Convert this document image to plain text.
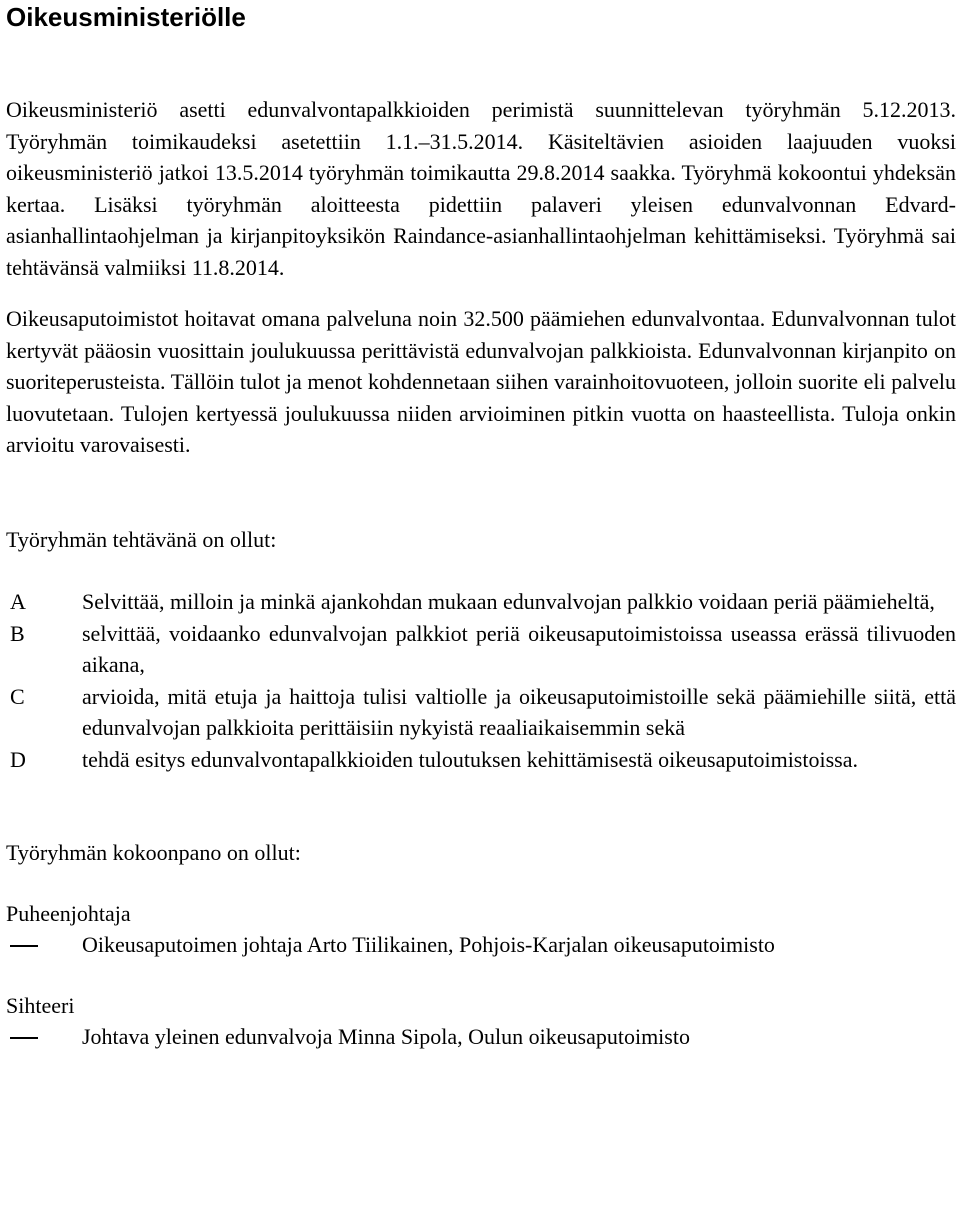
Oikeusministeriölle

Oikeusministeriö asetti edunvalvontapalkkioiden perimistä suunnittelevan työryhmän 5.12.2013. Työryhmän toimikaudeksi asetettiin 1.1.–31.5.2014. Käsiteltävien asioiden laajuuden vuoksi oikeusministeriö jatkoi 13.5.2014 työryhmän toimikautta 29.8.2014 saakka. Työryhmä kokoontui yhdeksän kertaa. Lisäksi työryhmän aloitteesta pidettiin palaveri yleisen edunvalvonnan Edvard-asianhallintaohjelman ja kirjanpitoyksikön Raindance-asianhallintaohjelman kehittämiseksi. Työryhmä sai tehtävänsä valmiiksi 11.8.2014.

Oikeusaputoimistot hoitavat omana palveluna noin 32.500 päämiehen edunvalvontaa. Edunvalvonnan tulot kertyvät pääosin vuosittain joulukuussa perittävistä edunvalvojan palkkioista. Edunvalvonnan kirjanpito on suoriteperusteista. Tällöin tulot ja menot kohdennetaan siihen varainhoitovuoteen, jolloin suorite eli palvelu luovutetaan. Tulojen kertyessä joulukuussa niiden arvioiminen pitkin vuotta on haasteellista. Tuloja onkin arvioitu varovaisesti.

Työryhmän tehtävänä on ollut:

A	Selvittää, milloin ja minkä ajankohdan mukaan edunvalvojan palkkio voidaan periä päämieheltä,
B	selvittää, voidaanko edunvalvojan palkkiot periä oikeusaputoimistoissa useassa erässä tilivuoden aikana,
C	arvioida, mitä etuja ja haittoja tulisi valtiolle ja oikeusaputoimistoille sekä päämiehille siitä, että edunvalvojan palkkioita perittäisiin nykyistä reaaliaikaisemmin sekä
D	tehdä esitys edunvalvontapalkkioiden tuloutuksen kehittämisestä oikeusaputoimistoissa.

Työryhmän kokoonpano on ollut:

Puheenjohtaja

Oikeusaputoimen johtaja Arto Tiilikainen, Pohjois-Karjalan oikeusaputoimisto

Sihteeri

Johtava yleinen edunvalvoja Minna Sipola, Oulun oikeusaputoimisto
